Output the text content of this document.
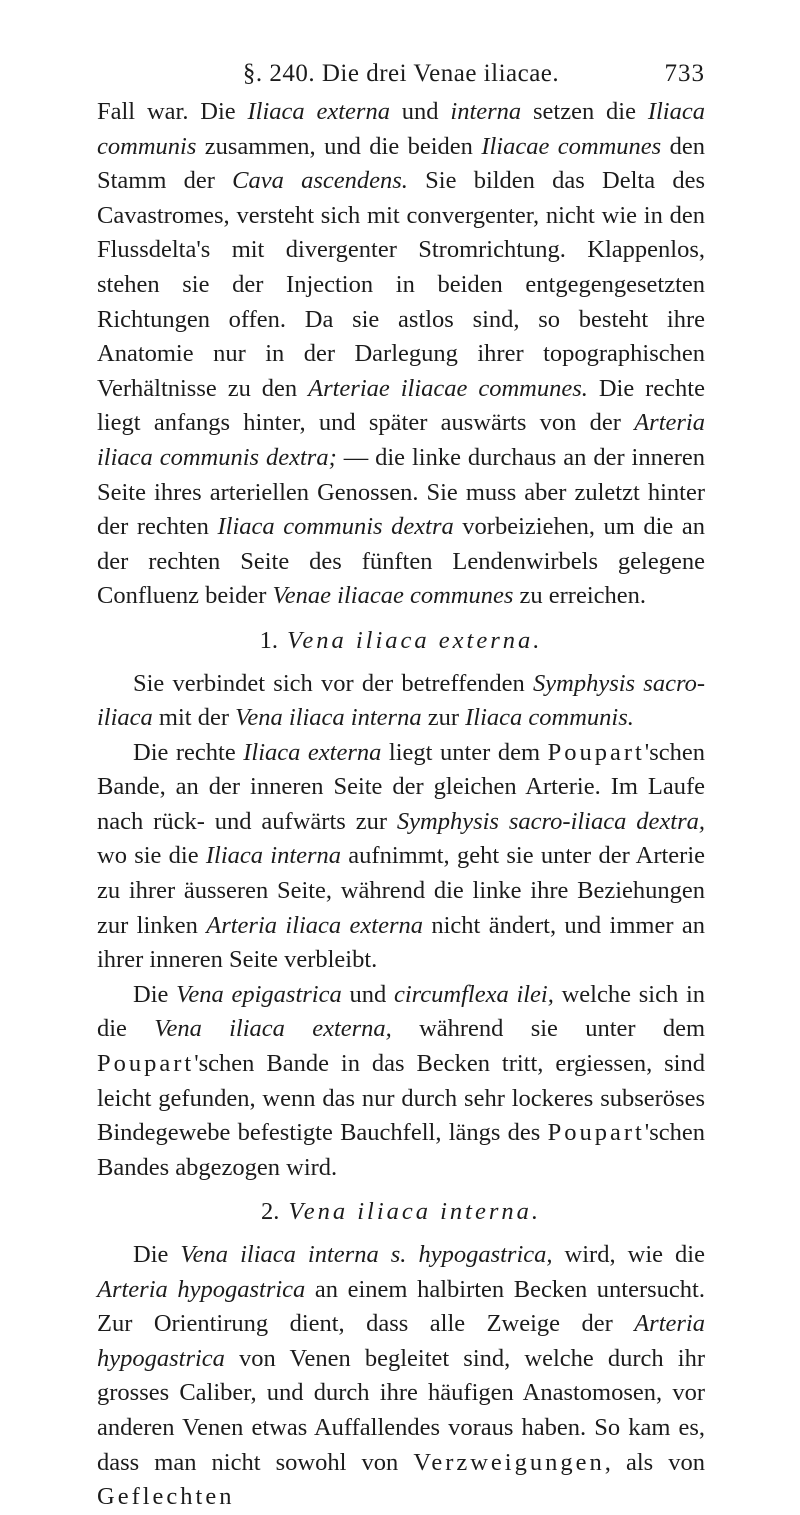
§. 240. Die drei Venae iliacae.	733

Fall war. Die Iliaca externa und interna setzen die Iliaca communis zusammen, und die beiden Iliacae communes den Stamm der Cava ascendens. Sie bilden das Delta des Cavastromes, versteht sich mit convergenter, nicht wie in den Flussdelta's mit divergenter Stromrichtung. Klappenlos, stehen sie der Injection in beiden entgegengesetzten Richtungen offen. Da sie astlos sind, so besteht ihre Anatomie nur in der Darlegung ihrer topographischen Verhältnisse zu den Arteriae iliacae communes. Die rechte liegt anfangs hinter, und später auswärts von der Arteria iliaca communis dextra; — die linke durchaus an der inneren Seite ihres arteriellen Genossen. Sie muss aber zuletzt hinter der rechten Iliaca communis dextra vorbeiziehen, um die an der rechten Seite des fünften Lendenwirbels gelegene Confluenz beider Venae iliacae communes zu erreichen.

1. Vena iliaca externa.

Sie verbindet sich vor der betreffenden Symphysis sacro-iliaca mit der Vena iliaca interna zur Iliaca communis.

Die rechte Iliaca externa liegt unter dem Poupart'schen Bande, an der inneren Seite der gleichen Arterie. Im Laufe nach rück- und aufwärts zur Symphysis sacro-iliaca dextra, wo sie die Iliaca interna aufnimmt, geht sie unter der Arterie zu ihrer äusseren Seite, während die linke ihre Beziehungen zur linken Arteria iliaca externa nicht ändert, und immer an ihrer inneren Seite verbleibt.

Die Vena epigastrica und circumflexa ilei, welche sich in die Vena iliaca externa, während sie unter dem Poupart'schen Bande in das Becken tritt, ergiessen, sind leicht gefunden, wenn das nur durch sehr lockeres subseröses Bindegewebe befestigte Bauchfell, längs des Poupart'schen Bandes abgezogen wird.

2. Vena iliaca interna.

Die Vena iliaca interna s. hypogastrica, wird, wie die Arteria hypogastrica an einem halbirten Becken untersucht. Zur Orientirung dient, dass alle Zweige der Arteria hypogastrica von Venen begleitet sind, welche durch ihr grosses Caliber, und durch ihre häufigen Anastomosen, vor anderen Venen etwas Auffallendes voraus haben. So kam es, dass man nicht sowohl von Verzweigungen, als von Geflechten
